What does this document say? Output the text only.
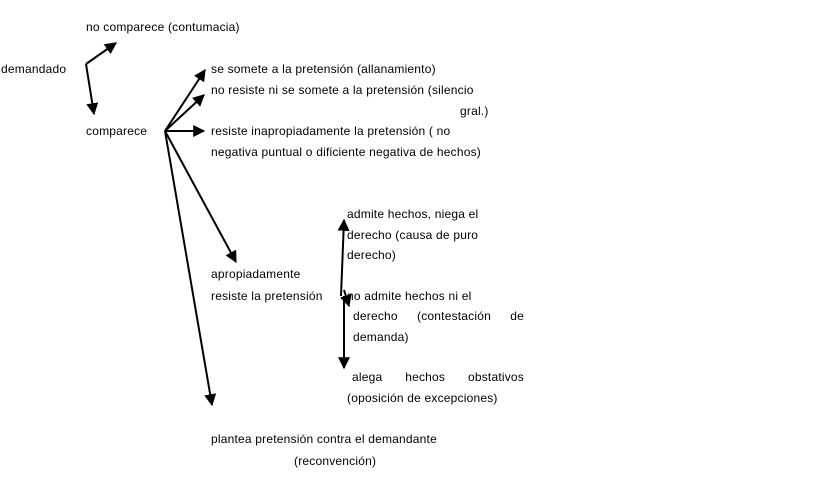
demandado
no comparece (contumacia)
comparece
se somete a la pretensión (allanamiento)
no resiste ni se somete a la pretensión (silencio
gral.)
resiste inapropiadamente la pretensión ( no
negativa puntual o dificiente negativa de hechos)
apropiadamente
resiste la pretensión
admite hechos, niega el
derecho (causa de puro
derecho)
no admite hechos ni el
derecho (contestación de
demanda)
alega hechos obstativos
(oposición de excepciones)
plantea pretensión contra el demandante
(reconvención)
